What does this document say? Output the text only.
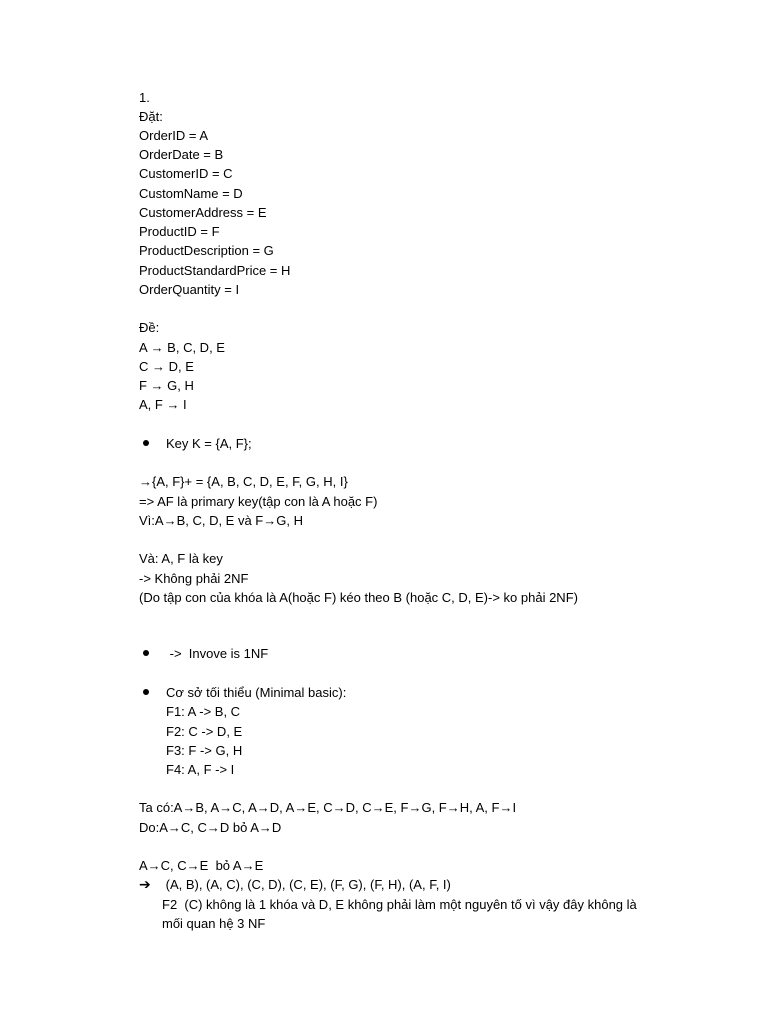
1.
Đặt:
OrderID = A
OrderDate = B
CustomerID = C
CustomName = D
CustomerAddress = E
ProductID = F
ProductDescription = G
ProductStandardPrice = H
OrderQuantity = I
Đề:
A → B, C, D, E
C → D, E
F → G, H
A, F → I
Key K = {A, F};
→{A, F}+ = {A, B, C, D, E, F, G, H, I}
=> AF là primary key(tập con là A hoặc F)
Vì:A→B, C, D, E và F→G, H
Và: A, F là key
-> Không phải 2NF
(Do tập con của khóa là A(hoặc F) kéo theo B (hoặc C, D, E)-> ko phải 2NF)
->  Invove is 1NF
Cơ sở tối thiểu (Minimal basic):
F1: A -> B, C
F2: C -> D, E
F3: F -> G, H
F4: A, F -> I
Ta có:A→B, A→C, A→D, A→E, C→D, C→E, F→G, F→H, A, F→I
Do:A→C, C→D bỏ A→D
A→C, C→E  bỏ A→E
➔ (A, B), (A, C), (C, D), (C, E), (F, G), (F, H), (A, F, I)
F2  (C) không là 1 khóa và D, E không phải làm một nguyên tố vì vậy đây không là
mối quan hệ 3 NF
